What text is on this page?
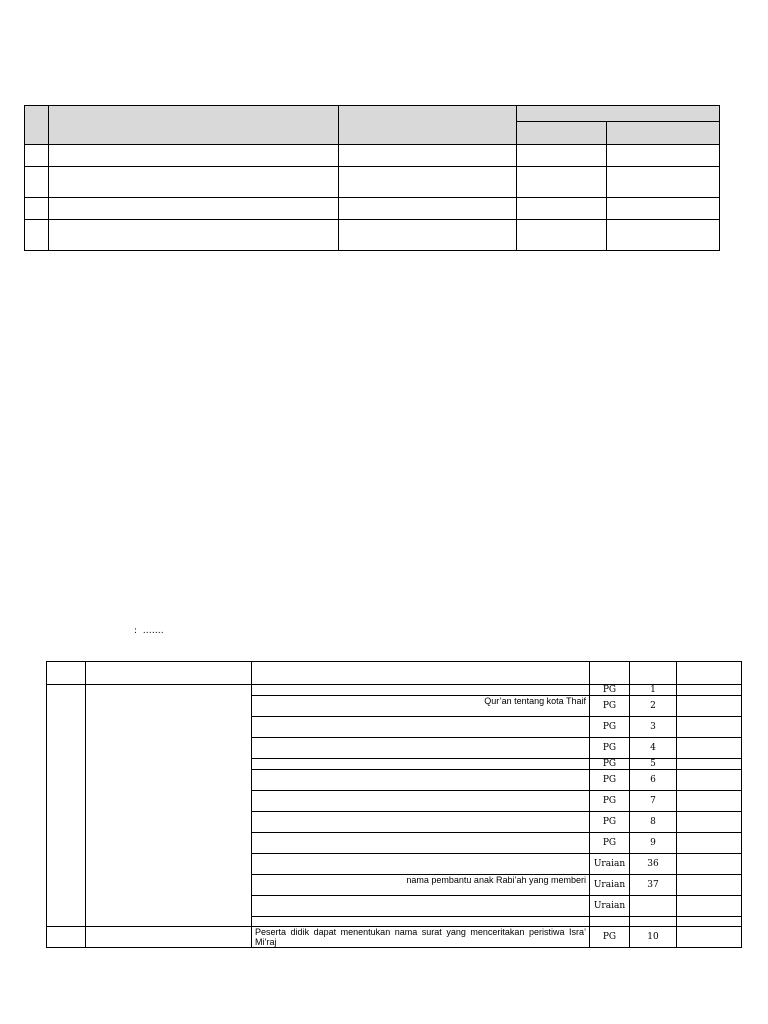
: …….

			PG	1	
		Qur’an tentang kota Thaif	PG	2	
			PG	3	
			PG	4	
			PG	5	
			PG	6	
			PG	7	
			PG	8	
			PG	9	
			Uraian	36	
		nama pembantu anak Rabi’ah yang memberi	Uraian	37	
			Uraian		

		Peserta didik dapat menentukan nama surat yang menceritakan peristiwa Isra’ Mi’raj	PG	10	
